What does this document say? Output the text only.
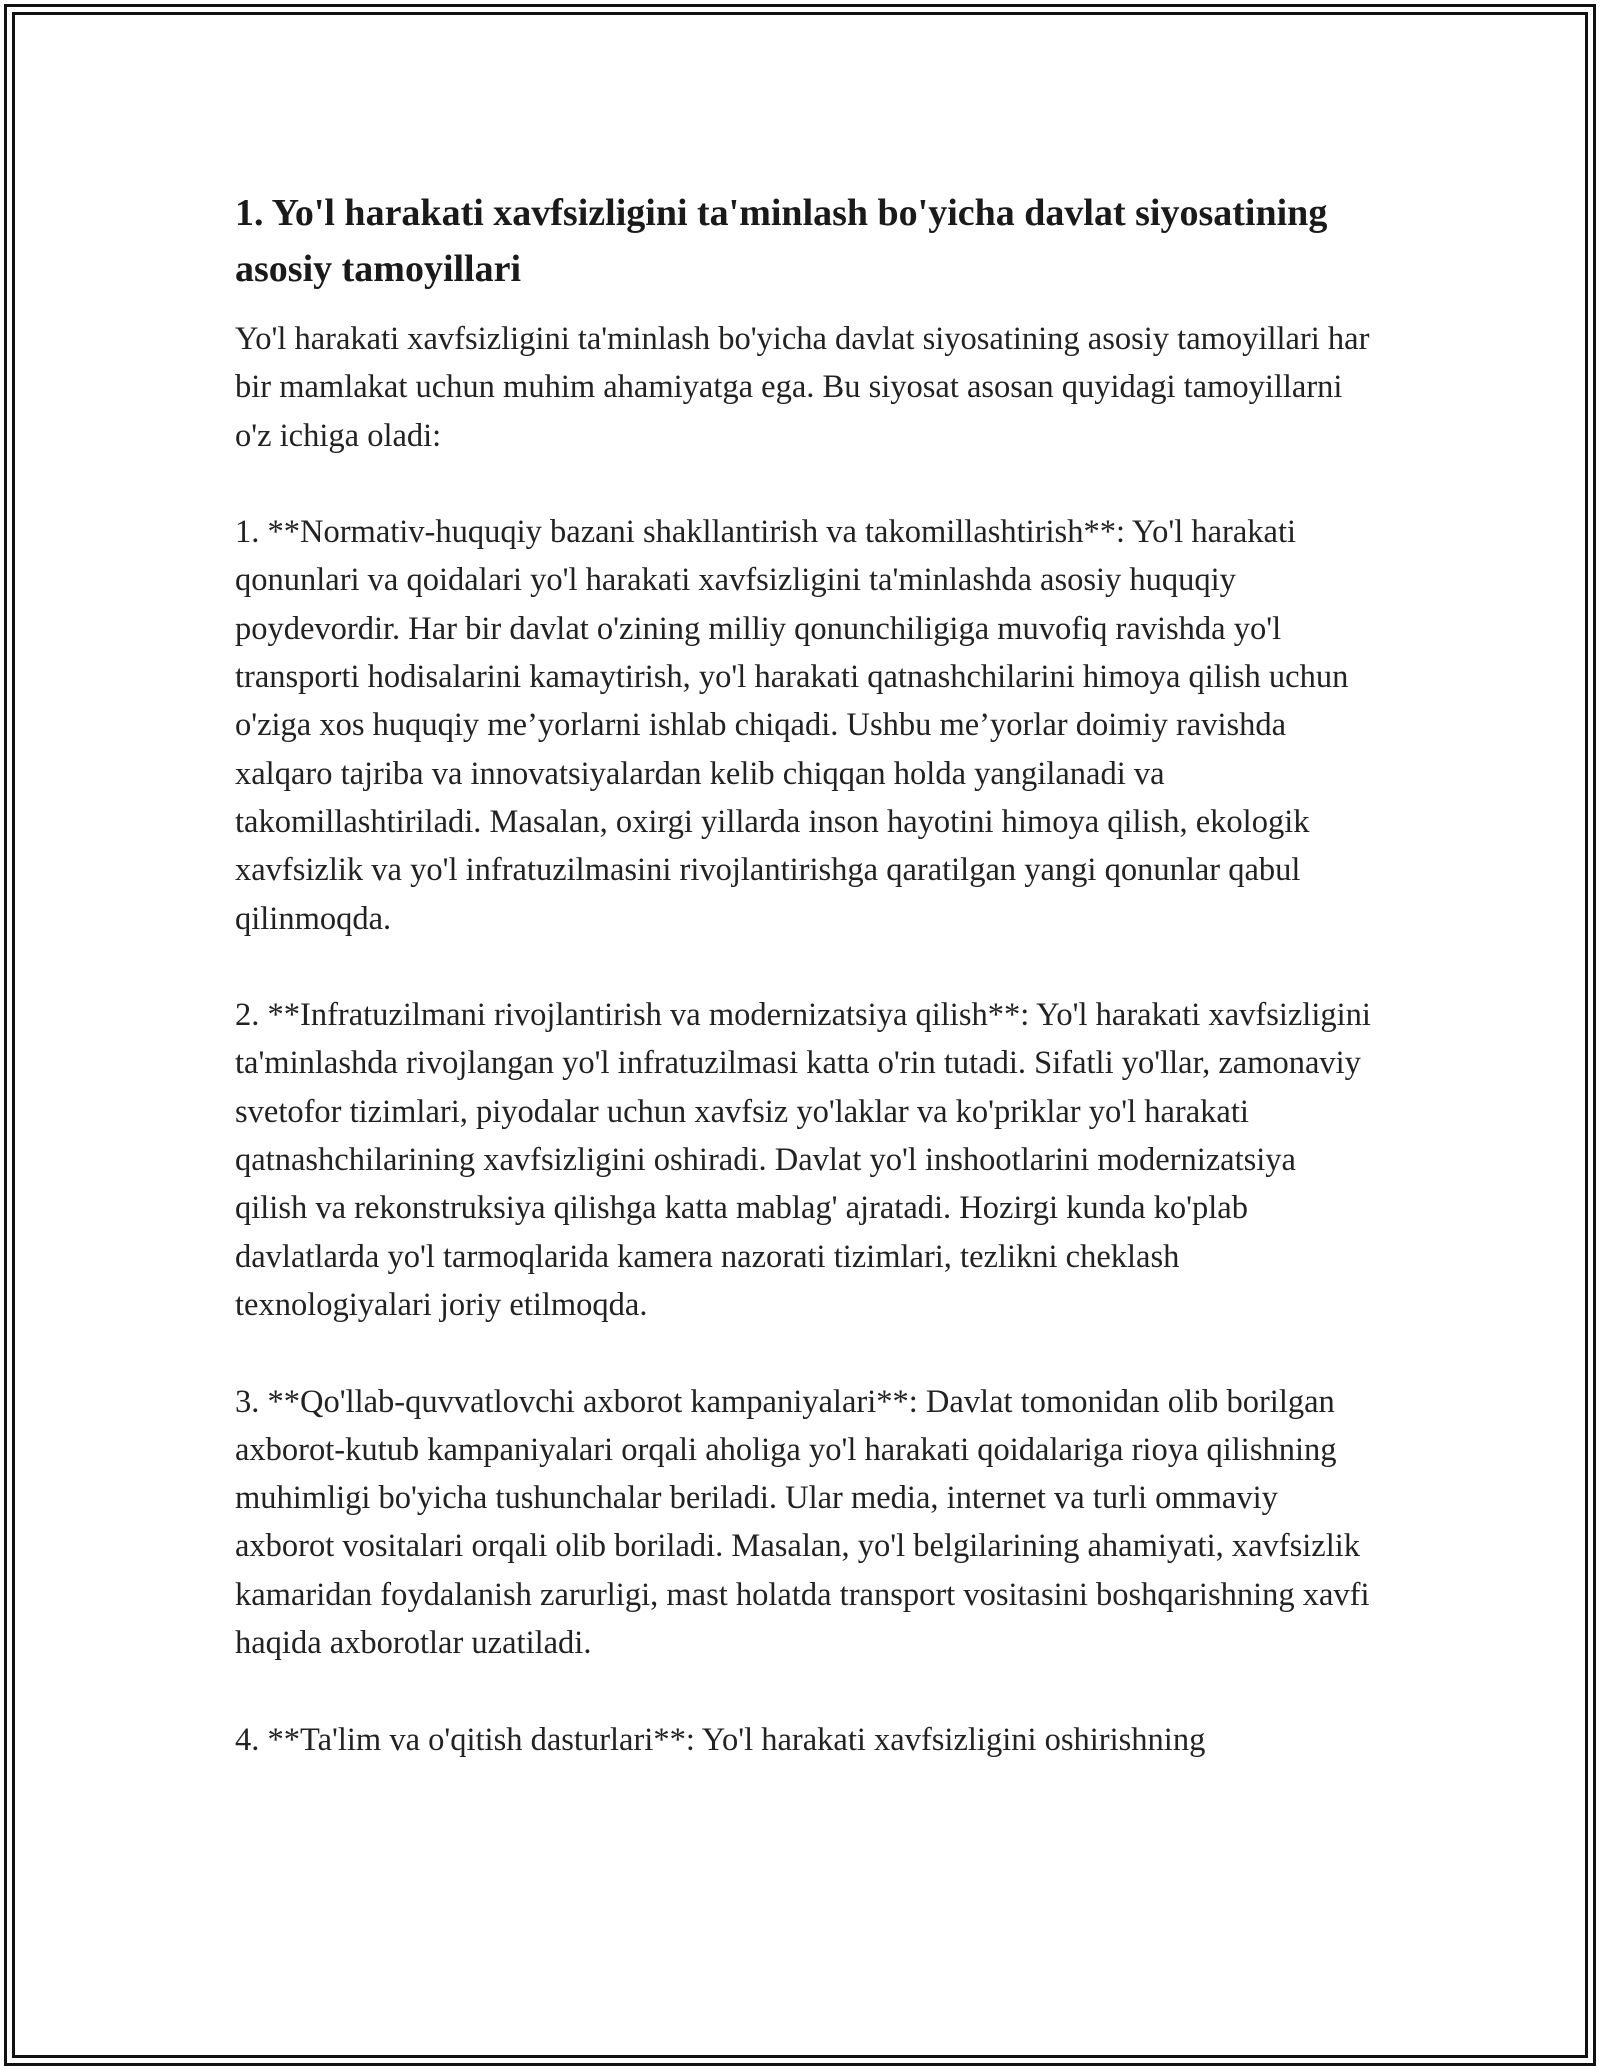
1. Yo'l harakati xavfsizligini ta'minlash bo'yicha davlat siyosatining asosiy tamoyillari

Yo'l harakati xavfsizligini ta'minlash bo'yicha davlat siyosatining asosiy tamoyillari har bir mamlakat uchun muhim ahamiyatga ega. Bu siyosat asosan quyidagi tamoyillarni o'z ichiga oladi:

1. **Normativ-huquqiy bazani shakllantirish va takomillashtirish**: Yo'l harakati qonunlari va qoidalari yo'l harakati xavfsizligini ta'minlashda asosiy huquqiy poydevordir. Har bir davlat o'zining milliy qonunchiligiga muvofiq ravishda yo'l transporti hodisalarini kamaytirish, yo'l harakati qatnashchilarini himoya qilish uchun o'ziga xos huquqiy me’yorlarni ishlab chiqadi. Ushbu me’yorlar doimiy ravishda xalqaro tajriba va innovatsiyalardan kelib chiqqan holda yangilanadi va takomillashtiriladi. Masalan, oxirgi yillarda inson hayotini himoya qilish, ekologik xavfsizlik va yo'l infratuzilmasini rivojlantirishga qaratilgan yangi qonunlar qabul qilinmoqda.

2. **Infratuzilmani rivojlantirish va modernizatsiya qilish**: Yo'l harakati xavfsizligini ta'minlashda rivojlangan yo'l infratuzilmasi katta o'rin tutadi. Sifatli yo'llar, zamonaviy svetofor tizimlari, piyodalar uchun xavfsiz yo'laklar va ko'priklar yo'l harakati qatnashchilarining xavfsizligini oshiradi. Davlat yo'l inshootlarini modernizatsiya qilish va rekonstruksiya qilishga katta mablag' ajratadi. Hozirgi kunda ko'plab davlatlarda yo'l tarmoqlarida kamera nazorati tizimlari, tezlikni cheklash texnologiyalari joriy etilmoqda.

3. **Qo'llab-quvvatlovchi axborot kampaniyalari**: Davlat tomonidan olib borilgan axborot-kutub kampaniyalari orqali aholiga yo'l harakati qoidalariga rioya qilishning muhimligi bo'yicha tushunchalar beriladi. Ular media, internet va turli ommaviy axborot vositalari orqali olib boriladi. Masalan, yo'l belgilarining ahamiyati, xavfsizlik kamaridan foydalanish zarurligi, mast holatda transport vositasini boshqarishning xavfi haqida axborotlar uzatiladi.

4. **Ta'lim va o'qitish dasturlari**: Yo'l harakati xavfsizligini oshirishning
